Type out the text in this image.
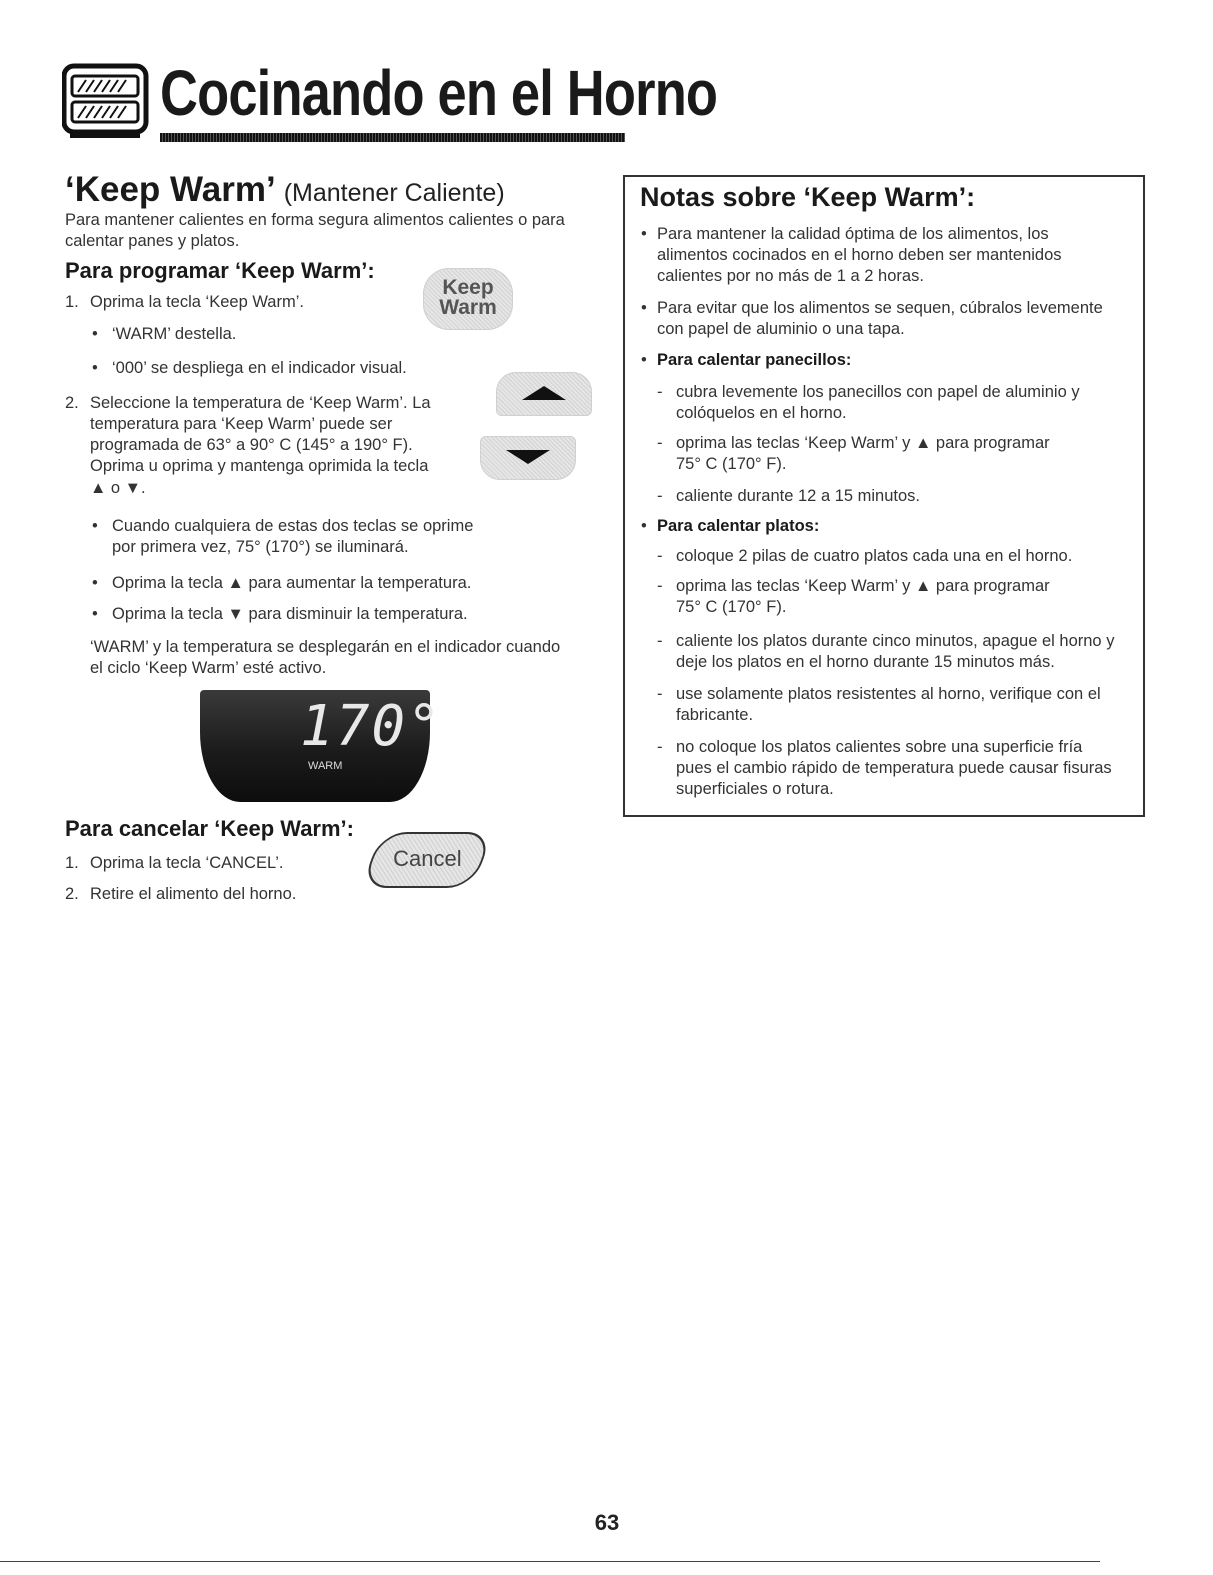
Cocinando en el Horno
‘Keep Warm’ (Mantener Caliente)
Para mantener calientes en forma segura alimentos calientes o para
calentar panes y platos.
Para programar ‘Keep Warm’:
1. Oprima la tecla ‘Keep Warm’.
• ‘WARM’ destella.
• ‘000’ se despliega en el indicador visual.
2. Seleccione la temperatura de ‘Keep Warm’. La
temperatura para ‘Keep Warm’ puede ser
programada de 63° a 90° C (145° a 190° F).
Oprima u oprima y mantenga oprimida la tecla
▲ o ▼.
• Cuando cualquiera de estas dos teclas se oprime
por primera vez, 75° (170°) se iluminará.
• Oprima la tecla ▲ para aumentar la temperatura.
• Oprima la tecla ▼ para disminuir la temperatura.
‘WARM’ y la temperatura se desplegarán en el indicador cuando
el ciclo ‘Keep Warm’ esté activo.
Keep
Warm
170°
WARM
Para cancelar ‘Keep Warm’:
1. Oprima la tecla ‘CANCEL’.
2. Retire el alimento del horno.
Cancel
Notas sobre ‘Keep Warm’:
• Para mantener la calidad óptima de los alimentos, los
alimentos cocinados en el horno deben ser mantenidos
calientes por no más de 1 a 2 horas.
• Para evitar que los alimentos se sequen, cúbralos levemente
con papel de aluminio o una tapa.
• Para calentar panecillos:
- cubra levemente los panecillos con papel de aluminio y
colóquelos en el horno.
- oprima las teclas ‘Keep Warm’ y ▲ para programar
75° C (170° F).
- caliente durante 12 a 15 minutos.
• Para calentar platos:
- coloque 2 pilas de cuatro platos cada una en el horno.
- oprima las teclas ‘Keep Warm’ y ▲ para programar
75° C (170° F).
- caliente los platos durante cinco minutos, apague el horno y
deje los platos en el horno durante 15 minutos más.
- use solamente platos resistentes al horno, verifique con el
fabricante.
- no coloque los platos calientes sobre una superficie fría
pues el cambio rápido de temperatura puede causar fisuras
superficiales o rotura.
63
